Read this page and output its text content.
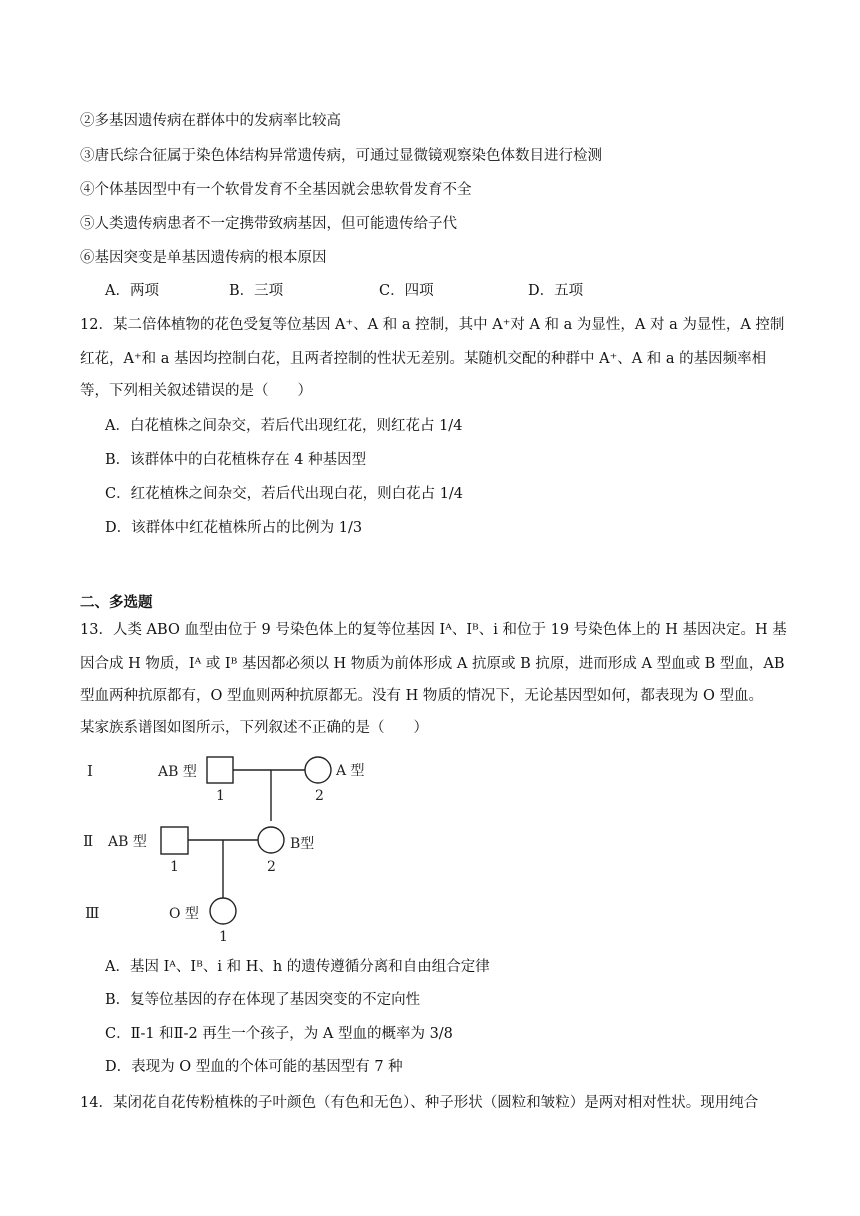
②多基因遗传病在群体中的发病率比较高
③唐氏综合征属于染色体结构异常遗传病，可通过显微镜观察染色体数目进行检测
④个体基因型中有一个软骨发育不全基因就会患软骨发育不全
⑤人类遗传病患者不一定携带致病基因，但可能遗传给子代
⑥基因突变是单基因遗传病的根本原因
A．两项	B．三项	C．四项	D．五项
12．某二倍体植物的花色受复等位基因 A⁺、A 和 a 控制，其中 A⁺对 A 和 a 为显性，A 对 a 为显性，A 控制
红花，A⁺和 a 基因均控制白花，且两者控制的性状无差别。某随机交配的种群中 A⁺、A 和 a 的基因频率相
等，下列相关叙述错误的是（　　）
A．白花植株之间杂交，若后代出现红花，则红花占 1/4
B．该群体中的白花植株存在 4 种基因型
C．红花植株之间杂交，若后代出现白花，则白花占 1/4
D．该群体中红花植株所占的比例为 1/3
二、多选题
13．人类 ABO 血型由位于 9 号染色体上的复等位基因 Iᴬ、Iᴮ、i 和位于 19 号染色体上的 H 基因决定。H 基
因合成 H 物质，Iᴬ 或 Iᴮ 基因都必须以 H 物质为前体形成 A 抗原或 B 抗原，进而形成 A 型血或 B 型血，AB
型血两种抗原都有，O 型血则两种抗原都无。没有 H 物质的情况下，无论基因型如何，都表现为 O 型血。
某家族系谱图如图所示，下列叙述不正确的是（　　）
Ⅰ
Ⅱ
Ⅲ
AB 型
1
A 型
2
AB 型
1
B型
2
O 型
1
A．基因 Iᴬ、Iᴮ、i 和 H、h 的遗传遵循分离和自由组合定律
B．复等位基因的存在体现了基因突变的不定向性
C．Ⅱ-1 和Ⅱ-2 再生一个孩子，为 A 型血的概率为 3/8
D．表现为 O 型血的个体可能的基因型有 7 种
14．某闭花自花传粉植株的子叶颜色（有色和无色）、种子形状（圆粒和皱粒）是两对相对性状。现用纯合
